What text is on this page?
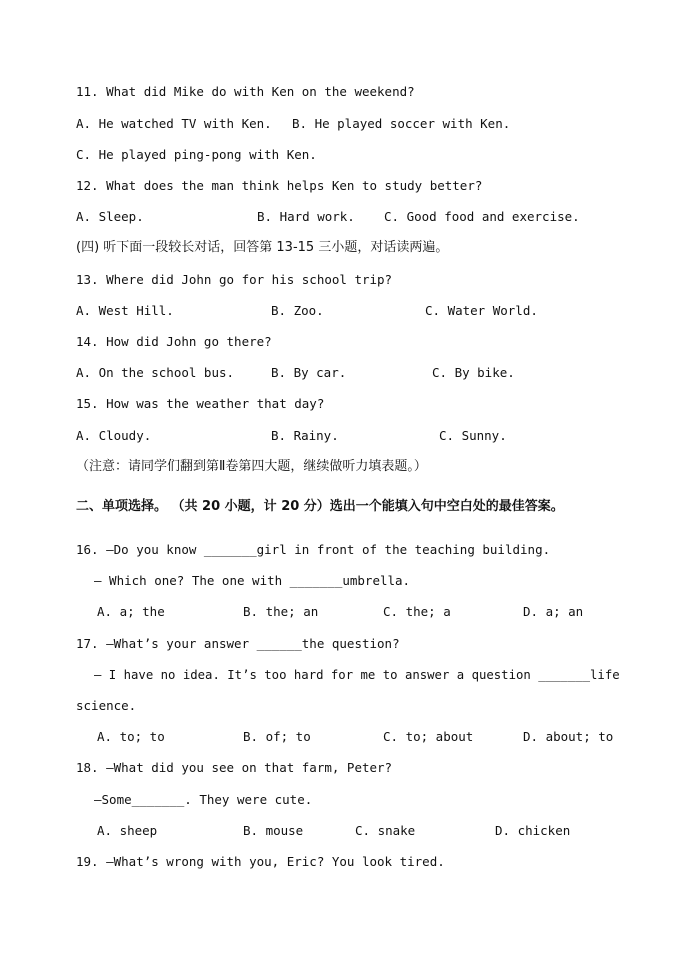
11. What did Mike do with Ken on the weekend?
A. He watched TV with Ken. B. He played soccer with Ken.
C. He played ping-pong with Ken.
12. What does the man think helps Ken to study better?
A. Sleep.	B. Hard work. C. Good food and exercise.
(四) 听下面一段较长对话，回答第 13-15 三小题，对话读两遍。
13. Where did John go for his school trip?
A. West Hill.	B. Zoo.	C. Water World.
14. How did John go there?
A. On the school bus.	B. By car.	C. By bike.
15. How was the weather that day?
A. Cloudy.	B. Rainy.	C. Sunny.
（注意：请同学们翻到第Ⅱ卷第四大题，继续做听力填表题。）
二、单项选择。 （共 20 小题，计 20 分）选出一个能填入句中空白处的最佳答案。
16. —Do you know _______girl in front of the teaching building.
— Which one? The one with _______umbrella.
A. a; the	B. the; an	C. the; a	D. a; an
17. —What’s your answer ______the question?
— I have no idea. It’s too hard for me to answer a question _______life
science.
A. to; to	B. of; to	C. to; about	D. about; to
18. —What did you see on that farm, Peter?
—Some_______. They were cute.
A. sheep	B. mouse	C. snake	D. chicken
19. —What’s wrong with you, Eric? You look tired.
